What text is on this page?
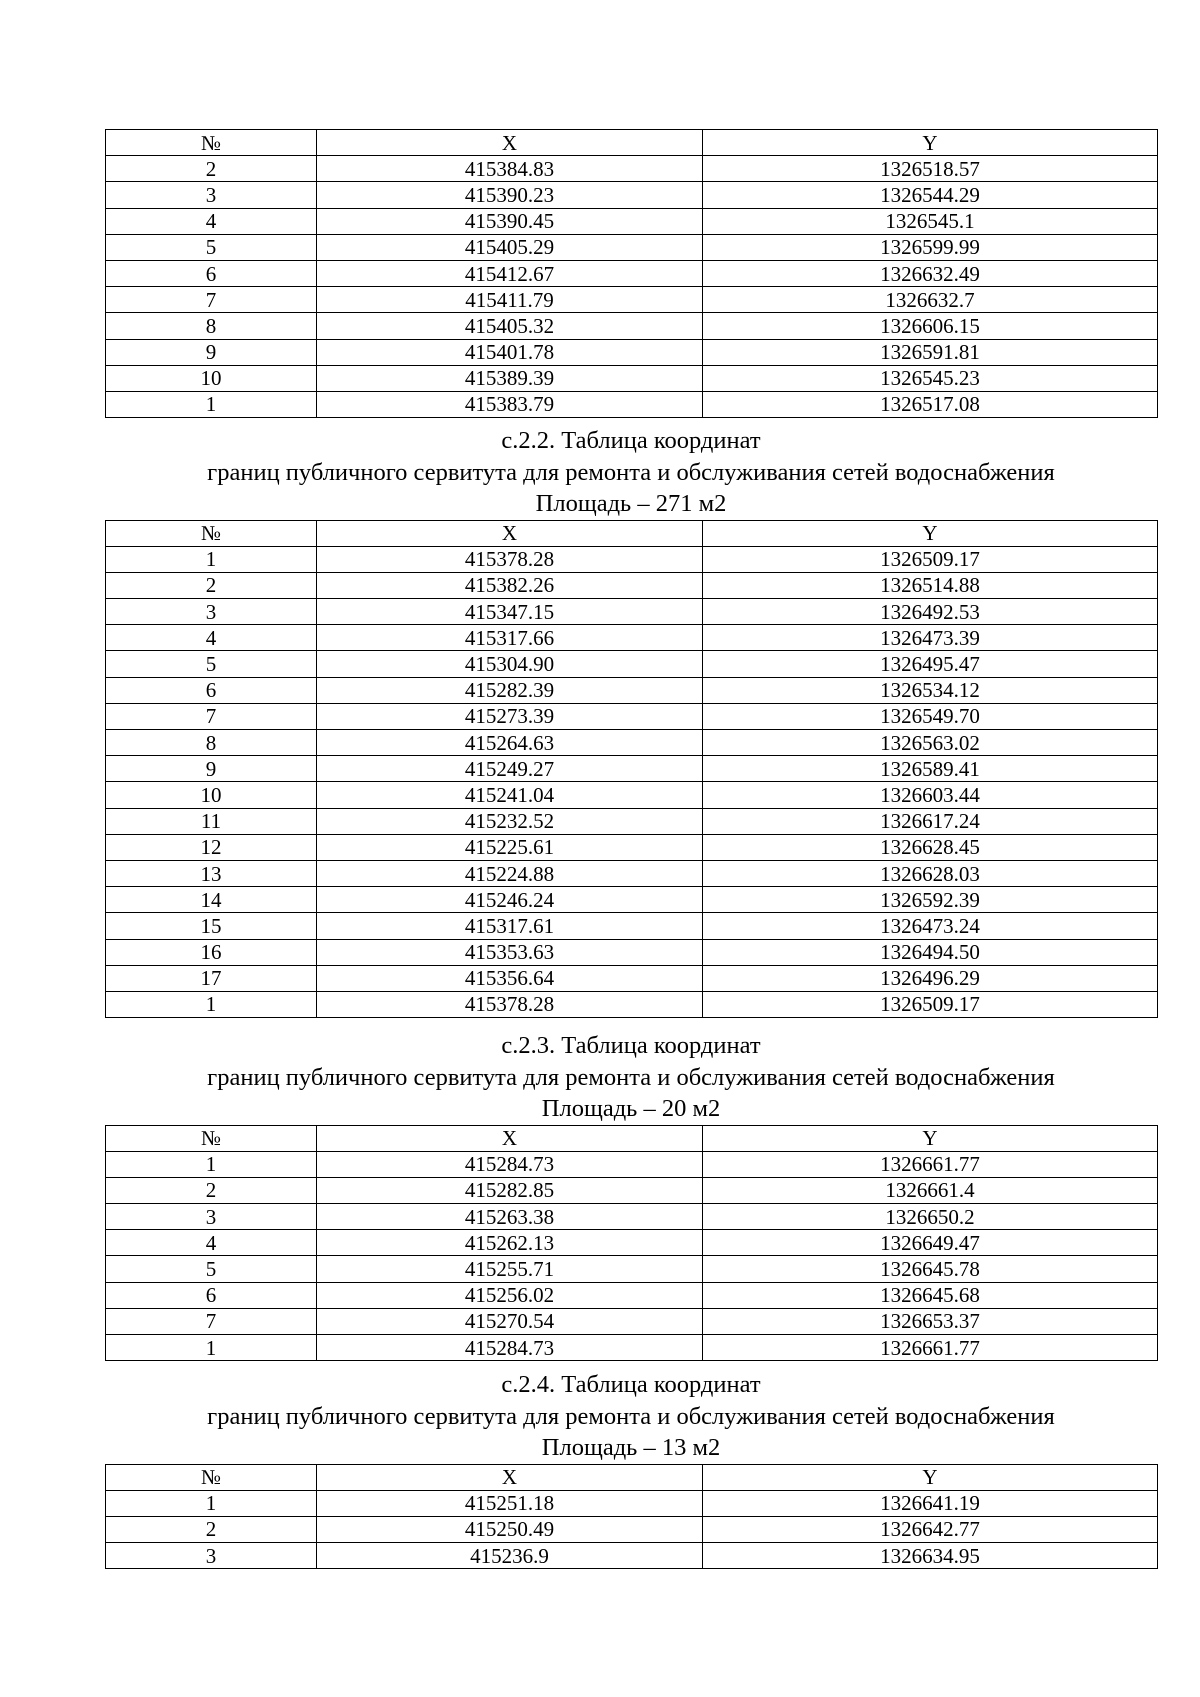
№	X	Y
2	415384.83	1326518.57
3	415390.23	1326544.29
4	415390.45	1326545.1
5	415405.29	1326599.99
6	415412.67	1326632.49
7	415411.79	1326632.7
8	415405.32	1326606.15
9	415401.78	1326591.81
10	415389.39	1326545.23
1	415383.79	1326517.08
с.2.2. Таблица координат
границ публичного сервитута для ремонта и обслуживания сетей водоснабжения
Площадь – 271 м2
№	X	Y
1	415378.28	1326509.17
2	415382.26	1326514.88
3	415347.15	1326492.53
4	415317.66	1326473.39
5	415304.90	1326495.47
6	415282.39	1326534.12
7	415273.39	1326549.70
8	415264.63	1326563.02
9	415249.27	1326589.41
10	415241.04	1326603.44
11	415232.52	1326617.24
12	415225.61	1326628.45
13	415224.88	1326628.03
14	415246.24	1326592.39
15	415317.61	1326473.24
16	415353.63	1326494.50
17	415356.64	1326496.29
1	415378.28	1326509.17
с.2.3. Таблица координат
границ публичного сервитута для ремонта и обслуживания сетей водоснабжения
Площадь – 20 м2
№	X	Y
1	415284.73	1326661.77
2	415282.85	1326661.4
3	415263.38	1326650.2
4	415262.13	1326649.47
5	415255.71	1326645.78
6	415256.02	1326645.68
7	415270.54	1326653.37
1	415284.73	1326661.77
с.2.4. Таблица координат
границ публичного сервитута для ремонта и обслуживания сетей водоснабжения
Площадь – 13 м2
№	X	Y
1	415251.18	1326641.19
2	415250.49	1326642.77
3	415236.9	1326634.95
